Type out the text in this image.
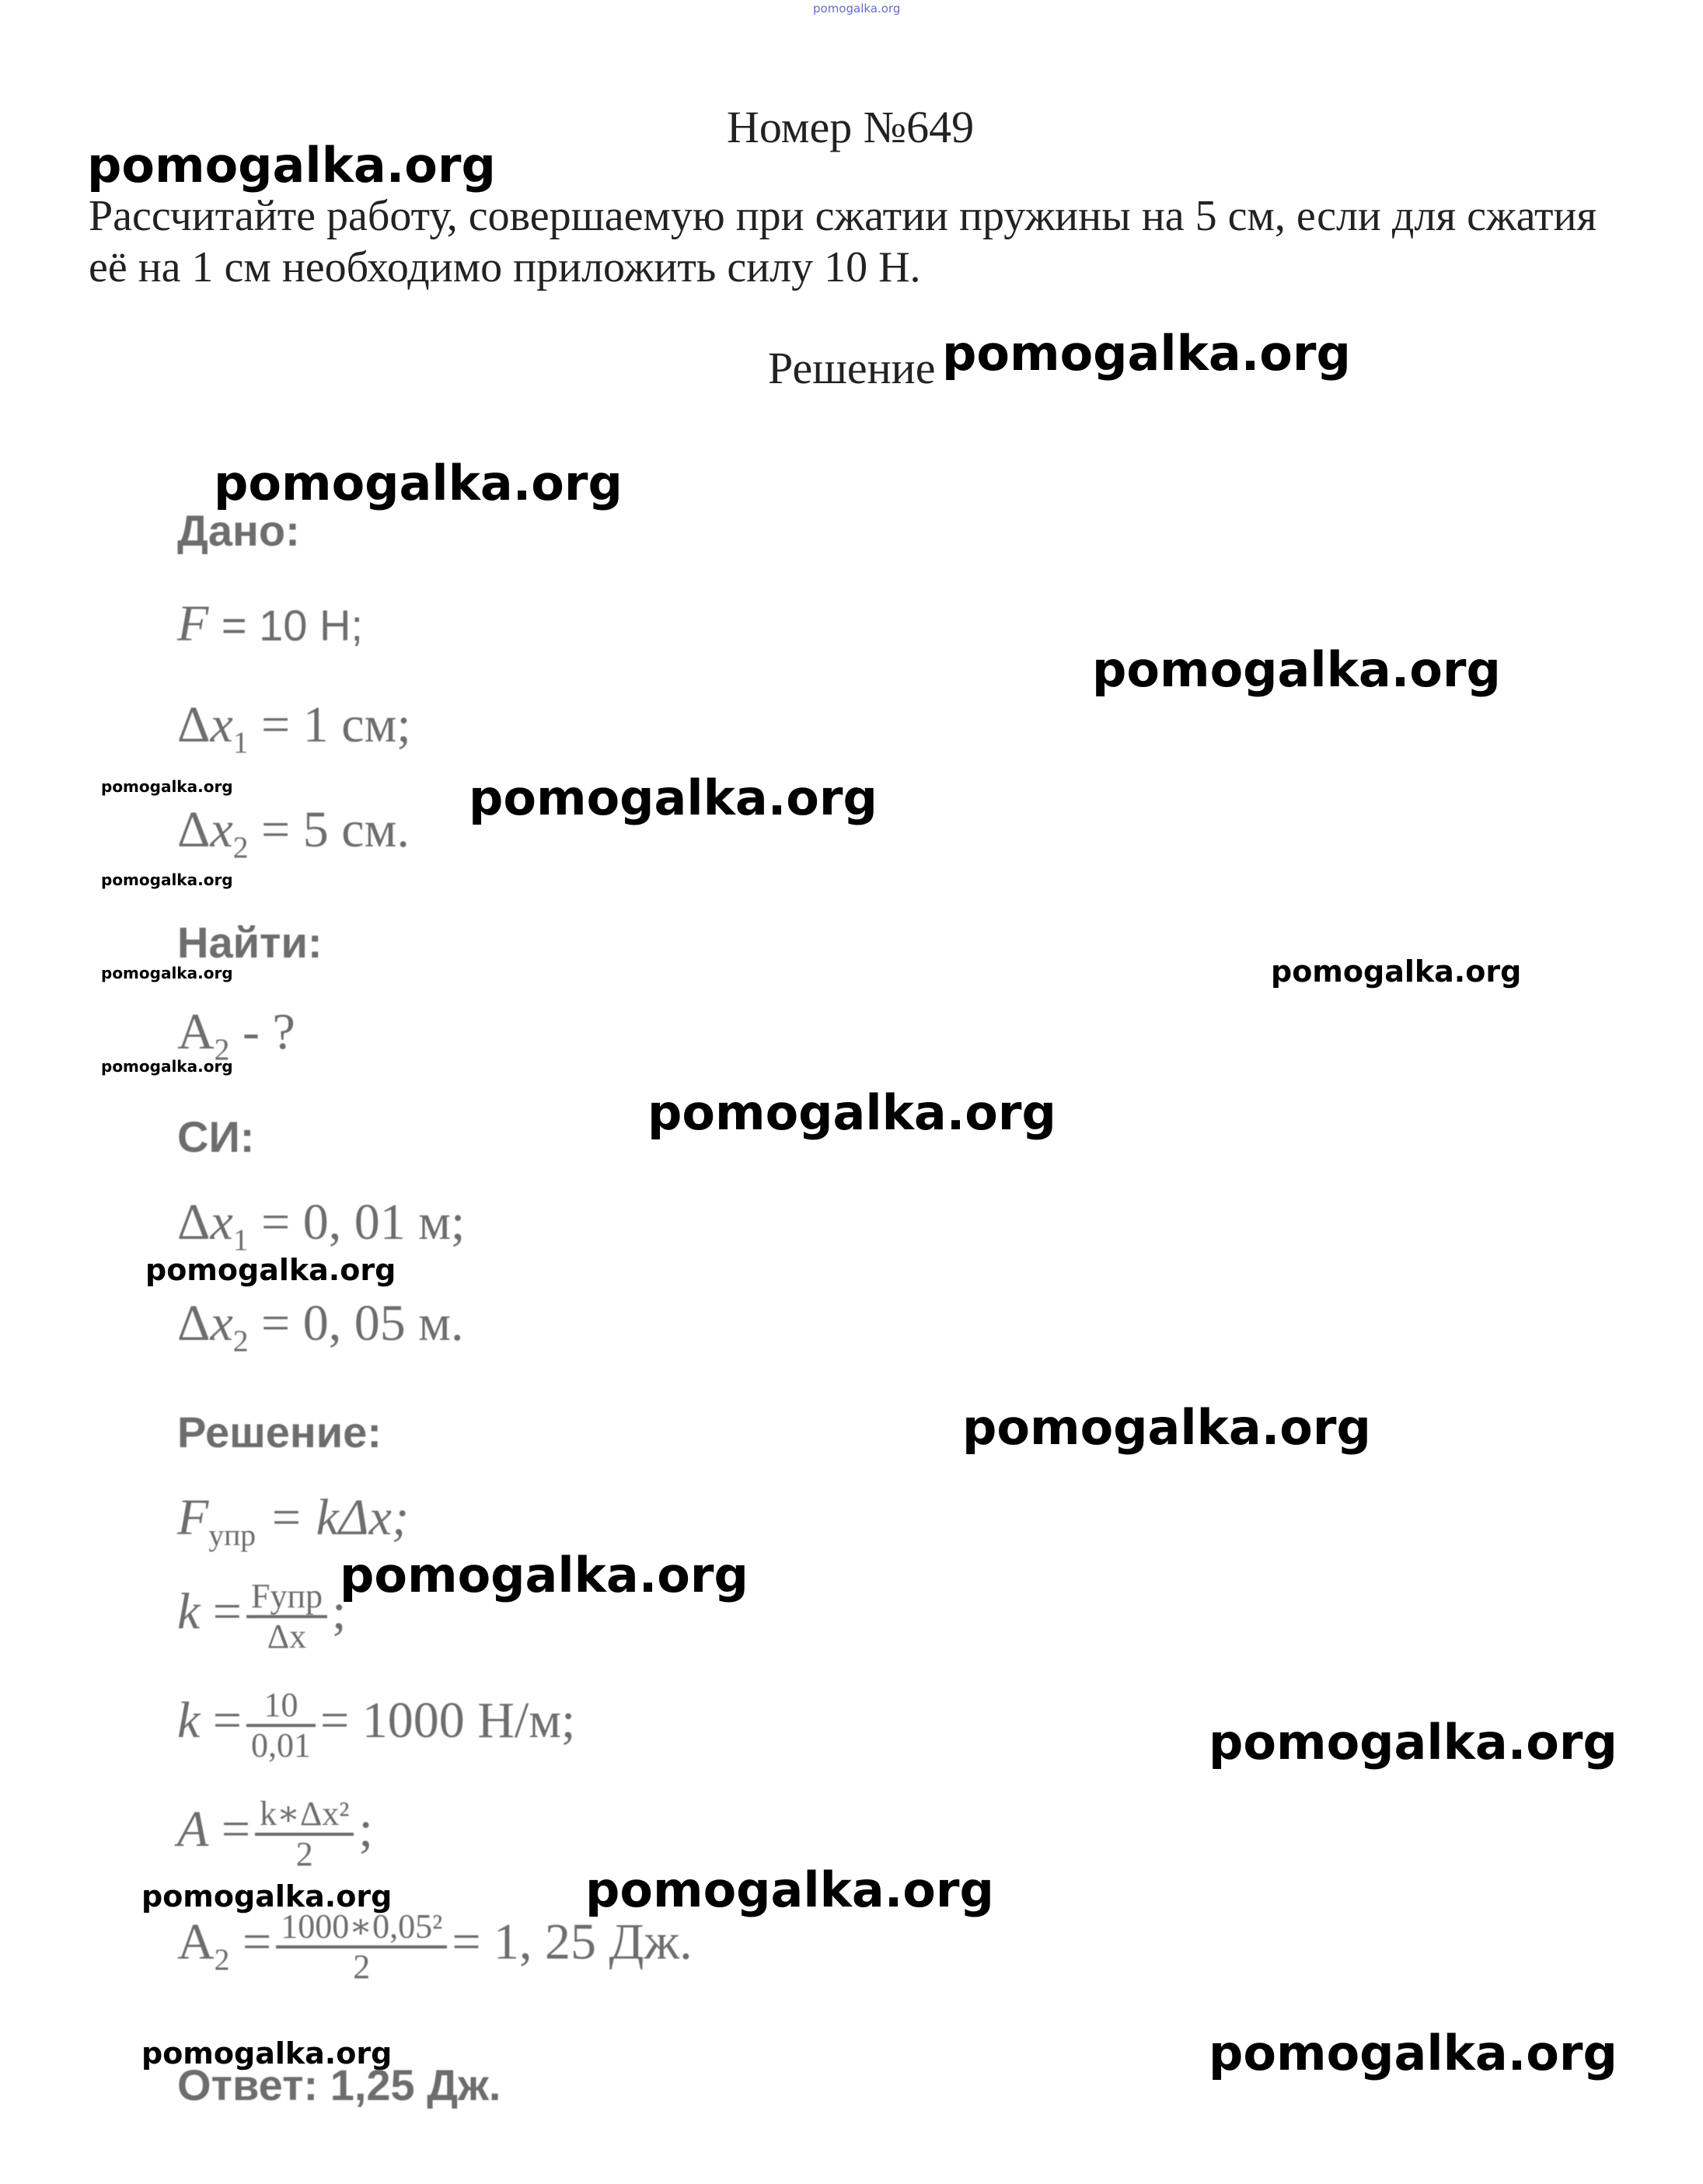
pomogalka.org
Номер №649
pomogalka.org
Рассчитайте работу, совершаемую при сжатии пружины на 5 см, если для сжатия её на 1 см необходимо приложить силу 10 Н.
Решение pomogalka.org
pomogalka.org
pomogalka.org
pomogalka.org
pomogalka.org
pomogalka.org
pomogalka.org
pomogalka.org
pomogalka.org
pomogalka.org
pomogalka.org
pomogalka.org
pomogalka.org
pomogalka.org
pomogalka.org	pomogalka.org
pomogalka.org	pomogalka.org
Дано:
F = 10 Н;
$\Delta x_1 = 1$ см;
$\Delta x_2 = 5$ см.
Найти:
$A_2$ - ?
СИ:
$\Delta x_1 = 0$, 01 м;
$\Delta x_2 = 0$, 05 м.
Решение:
$F_{упр} = k\Delta x$;
$k = \frac{\text{Fупр}}{\Delta x}$ ;
$k = \frac{10}{0,01} = 1000$ Н/м;
$A = \frac{\text{k∗Δx²}}{2}$ ;
$A_2 = \frac{\text{1000∗0,05²}}{2} = 1$, 25 Дж.
Ответ: 1,25 Дж.
